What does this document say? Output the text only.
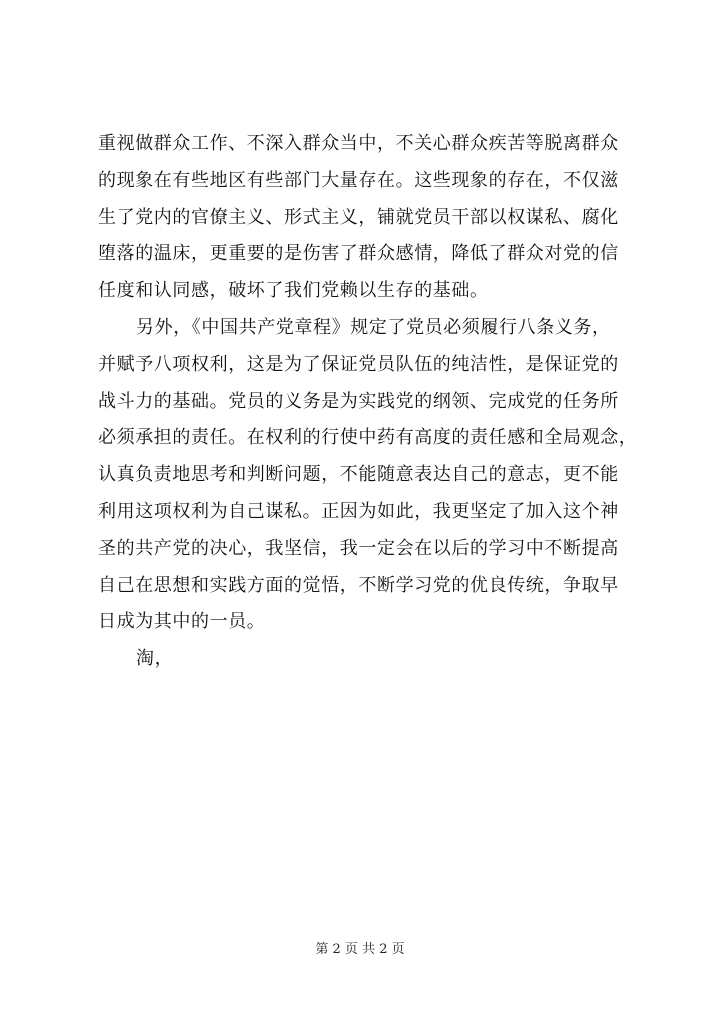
重视做群众工作、不深入群众当中，不关心群众疾苦等脱离群众
的现象在有些地区有些部门大量存在。这些现象的存在，不仅滋
生了党内的官僚主义、形式主义，铺就党员干部以权谋私、腐化
堕落的温床，更重要的是伤害了群众感情，降低了群众对党的信
任度和认同感，破坏了我们党赖以生存的基础。
另外，《中国共产党章程》规定了党员必须履行八条义务，
并赋予八项权利，这是为了保证党员队伍的纯洁性，是保证党的
战斗力的基础。党员的义务是为实践党的纲领、完成党的任务所
必须承担的责任。在权利的行使中药有高度的责任感和全局观念，
认真负责地思考和判断问题，不能随意表达自己的意志，更不能
利用这项权利为自己谋私。正因为如此，我更坚定了加入这个神
圣的共产党的决心，我坚信，我一定会在以后的学习中不断提高
自己在思想和实践方面的觉悟，不断学习党的优良传统，争取早
日成为其中的一员。
淘，
第 2 页 共 2 页
